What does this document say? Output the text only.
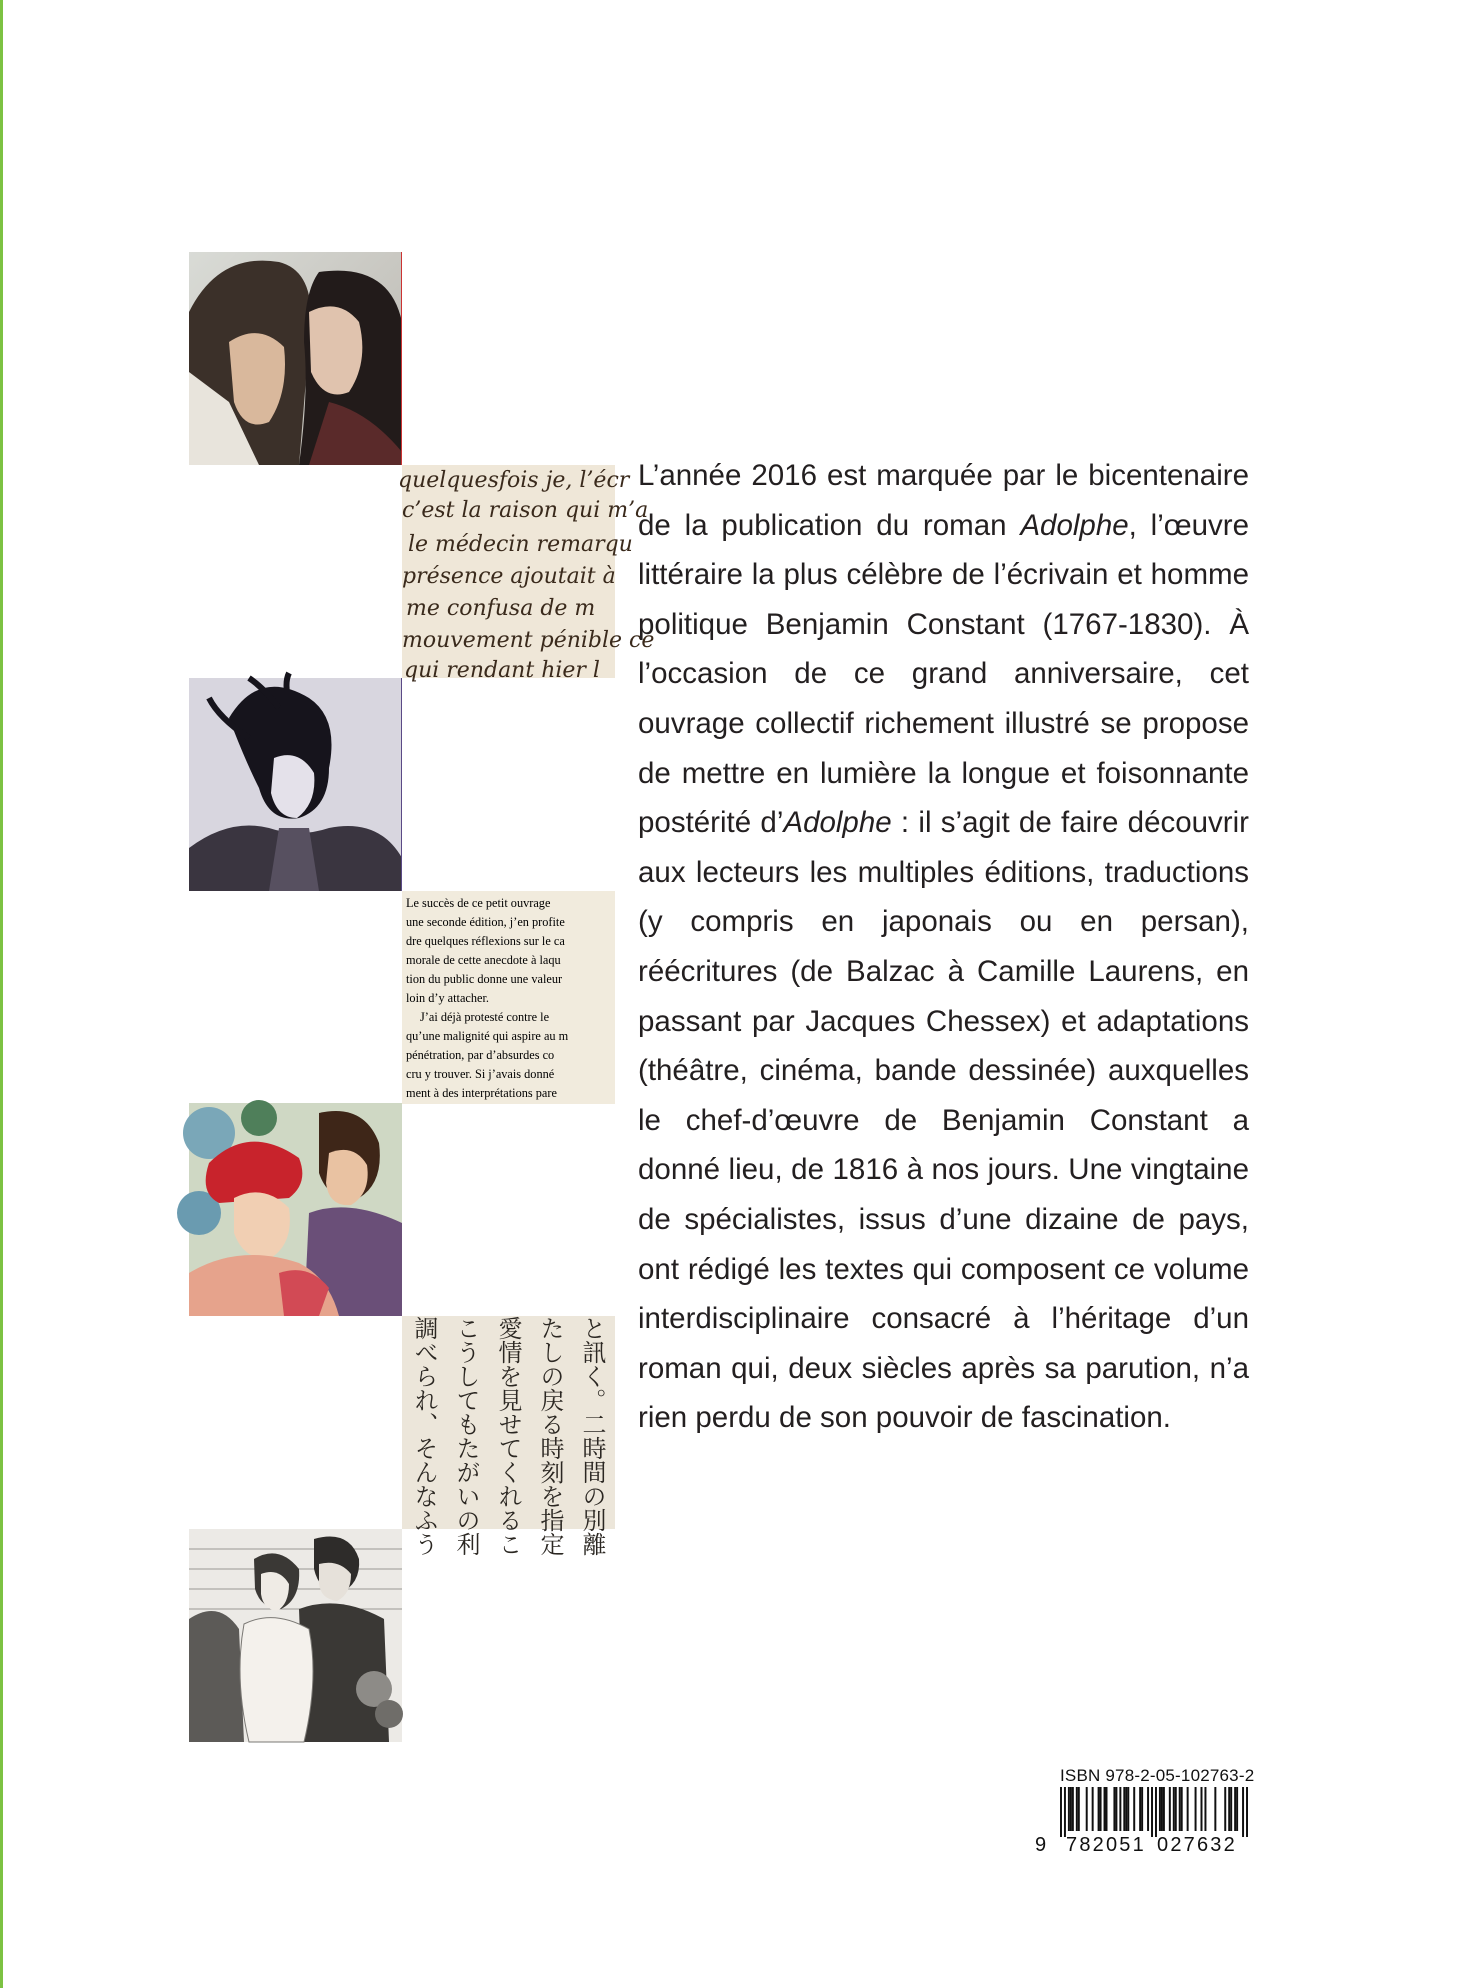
quelquesfois je, l’écr
c’est la raison qui m’a
le médecin remarqu
présence ajoutait à
me confusa de m
mouvement pénible ce
qui rendant hier l
Le succès de ce petit ouvrage
une seconde édition, j’en profite
dre quelques réflexions sur le ca
morale de cette anecdote à laqu
tion du public donne une valeur
loin d’y attacher.
J’ai déjà protesté contre le
qu’une malignité qui aspire au m
pénétration, par d’absurdes co
cru y trouver. Si j’avais donné
ment à des interprétations pare
と訊く。二時間の別離
たしの戻る時刻を指定
愛情を見せてくれるこ
こうしてもたがいの利
調べられ、そんなふう

L’année 2016 est marquée par le bicentenaire de la publication du roman Adolphe, l’œuvre littéraire la plus célèbre de l’écrivain et homme politique Benjamin Constant (1767-1830). À l’occasion de ce grand anniversaire, cet ouvrage collectif richement illustré se propose de mettre en lumière la longue et foisonnante postérité d’Adolphe : il s’agit de faire découvrir aux lecteurs les multiples éditions, traductions (y compris en japonais ou en persan), réécritures (de Balzac à Camille Laurens, en passant par Jacques Chessex) et adaptations (théâtre, cinéma, bande dessinée) auxquelles le chef-d’œuvre de Benjamin Constant a donné lieu, de 1816 à nos jours. Une vingtaine de spécialistes, issus d’une dizaine de pays, ont rédigé les textes qui composent ce volume interdisciplinaire consacré à l’héritage d’un roman qui, deux siècles après sa parution, n’a rien perdu de son pouvoir de fascination.

ISBN 978-2-05-102763-2
9 782051 027632
